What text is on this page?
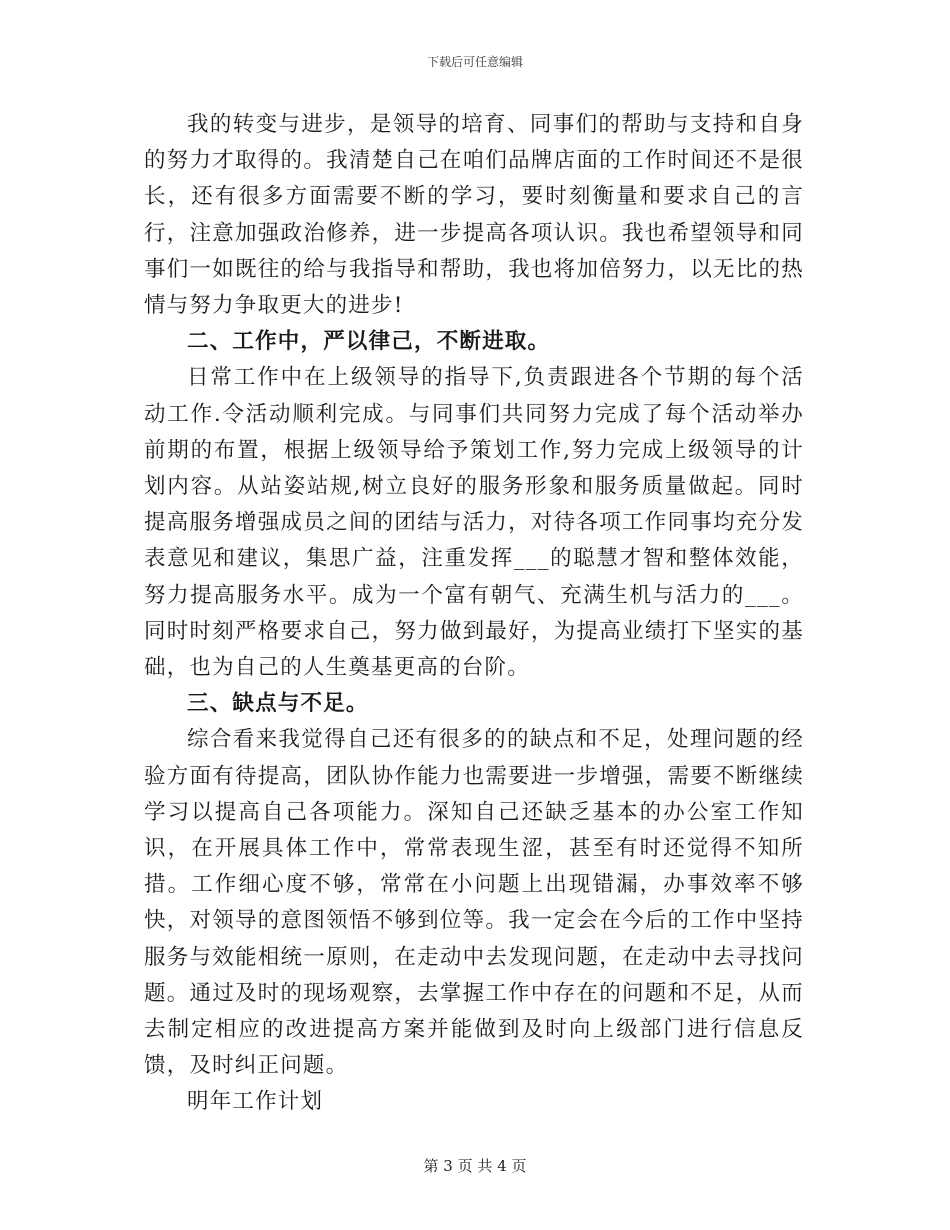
下载后可任意编辑

我的转变与进步，是领导的培育、同事们的帮助与支持和自身的努力才取得的。我清楚自己在咱们品牌店面的工作时间还不是很长，还有很多方面需要不断的学习，要时刻衡量和要求自己的言行，注意加强政治修养，进一步提高各项认识。我也希望领导和同事们一如既往的给与我指导和帮助，我也将加倍努力，以无比的热情与努力争取更大的进步!

二、工作中，严以律己，不断进取。

日常工作中在上级领导的指导下,负责跟进各个节期的每个活动工作.令活动顺利完成。与同事们共同努力完成了每个活动举办前期的布置，根据上级领导给予策划工作,努力完成上级领导的计划内容。从站姿站规,树立良好的服务形象和服务质量做起。同时提高服务增强成员之间的团结与活力，对待各项工作同事均充分发表意见和建议，集思广益，注重发挥___的聪慧才智和整体效能，努力提高服务水平。成为一个富有朝气、充满生机与活力的___。同时时刻严格要求自己，努力做到最好，为提高业绩打下坚实的基础，也为自己的人生奠基更高的台阶。

三、缺点与不足。

综合看来我觉得自己还有很多的的缺点和不足，处理问题的经验方面有待提高，团队协作能力也需要进一步增强，需要不断继续学习以提高自己各项能力。深知自己还缺乏基本的办公室工作知识，在开展具体工作中，常常表现生涩，甚至有时还觉得不知所措。工作细心度不够，常常在小问题上出现错漏，办事效率不够快，对领导的意图领悟不够到位等。我一定会在今后的工作中坚持服务与效能相统一原则，在走动中去发现问题，在走动中去寻找问题。通过及时的现场观察，去掌握工作中存在的问题和不足，从而去制定相应的改进提高方案并能做到及时向上级部门进行信息反馈，及时纠正问题。

明年工作计划

第 3 页 共 4 页
